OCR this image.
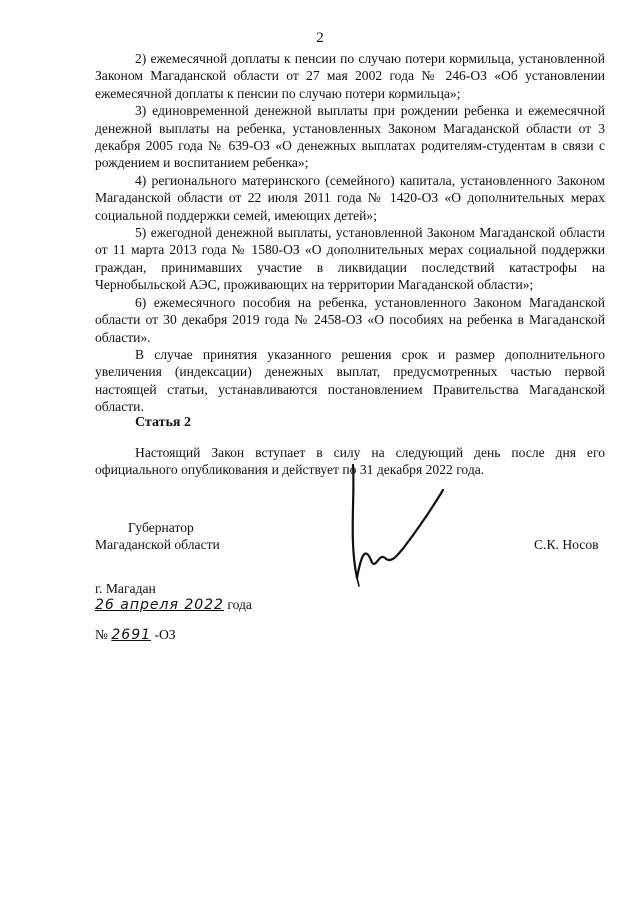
2

2) ежемесячной доплаты к пенсии по случаю потери кормильца, установленной Законом Магаданской области от 27 мая 2002 года № 246-ОЗ «Об установлении ежемесячной доплаты к пенсии по случаю потери кормильца»;

3) единовременной денежной выплаты при рождении ребенка и ежемесячной денежной выплаты на ребенка, установленных Законом Магаданской области от 3 декабря 2005 года № 639-ОЗ «О денежных выплатах родителям-студентам в связи с рождением и воспитанием ребенка»;

4) регионального материнского (семейного) капитала, установленного Законом Магаданской области от 22 июля 2011 года № 1420-ОЗ «О дополнительных мерах социальной поддержки семей, имеющих детей»;

5) ежегодной денежной выплаты, установленной Законом Магаданской области от 11 марта 2013 года № 1580-ОЗ «О дополнительных мерах социальной поддержки граждан, принимавших участие в ликвидации последствий катастрофы на Чернобыльской АЭС, проживающих на территории Магаданской области»;

6) ежемесячного пособия на ребенка, установленного Законом Магаданской области от 30 декабря 2019 года № 2458-ОЗ «О пособиях на ребенка в Магаданской области».

В случае принятия указанного решения срок и размер дополнительного увеличения (индексации) денежных выплат, предусмотренных частью первой настоящей статьи, устанавливаются постановлением Правительства Магаданской области.

Статья 2

Настоящий Закон вступает в силу на следующий день после дня его официального опубликования и действует по 31 декабря 2022 года.

Губернатор
Магаданской области	С.К. Носов
г. Магадан
26 апреля 2022 года
№ 2691 -ОЗ
